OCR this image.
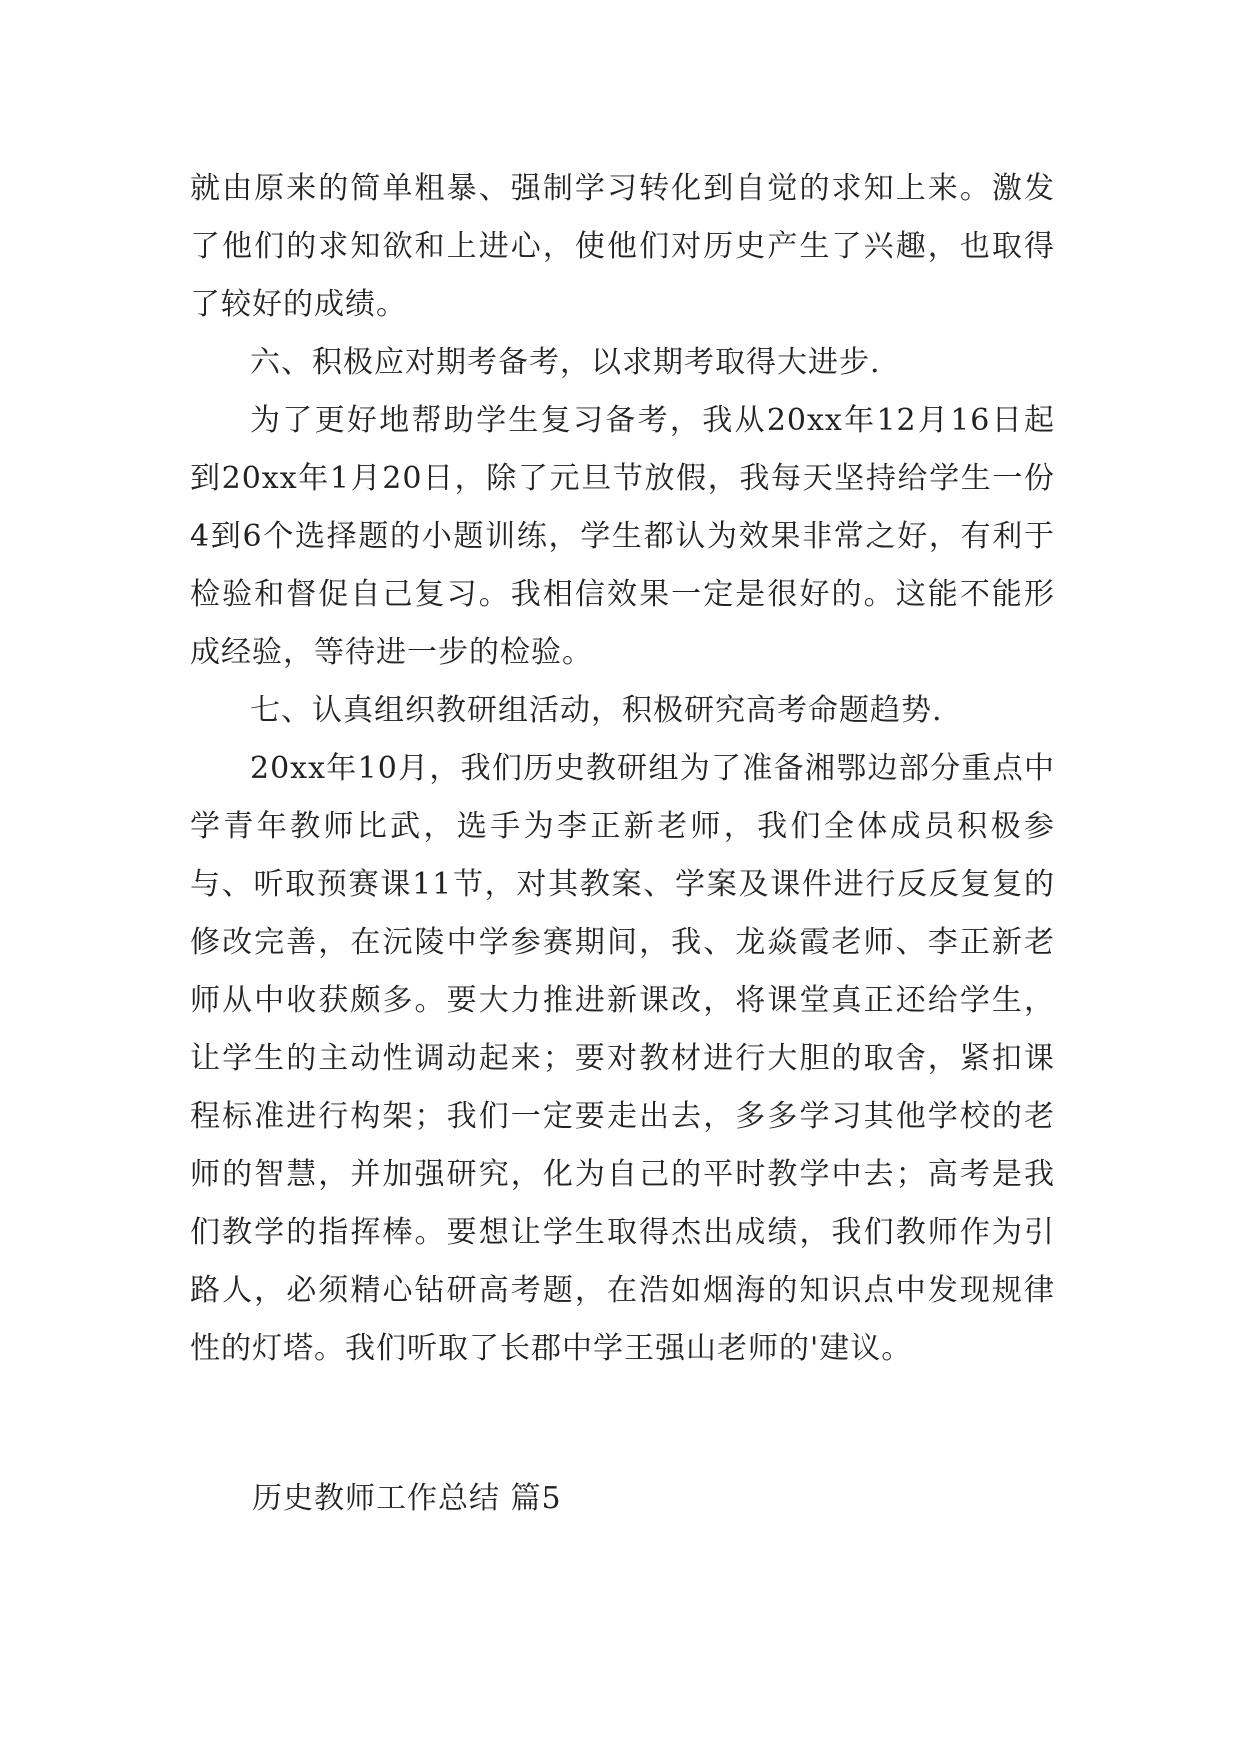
就由原来的简单粗暴、强制学习转化到自觉的求知上来。激发了他们的求知欲和上进心，使他们对历史产生了兴趣，也取得了较好的成绩。

六、积极应对期考备考，以求期考取得大进步.

为了更好地帮助学生复习备考，我从20xx年12月16日起到20xx年1月20日，除了元旦节放假，我每天坚持给学生一份4到6个选择题的小题训练，学生都认为效果非常之好，有利于检验和督促自己复习。我相信效果一定是很好的。这能不能形成经验，等待进一步的检验。

七、认真组织教研组活动，积极研究高考命题趋势.

20xx年10月，我们历史教研组为了准备湘鄂边部分重点中学青年教师比武，选手为李正新老师，我们全体成员积极参与、听取预赛课11节，对其教案、学案及课件进行反反复复的修改完善，在沅陵中学参赛期间，我、龙焱霞老师、李正新老师从中收获颇多。要大力推进新课改，将课堂真正还给学生，让学生的主动性调动起来；要对教材进行大胆的取舍，紧扣课程标准进行构架；我们一定要走出去，多多学习其他学校的老师的智慧，并加强研究，化为自己的平时教学中去；高考是我们教学的指挥棒。要想让学生取得杰出成绩，我们教师作为引路人，必须精心钻研高考题，在浩如烟海的知识点中发现规律性的灯塔。我们听取了长郡中学王强山老师的'建议。

历史教师工作总结 篇5
